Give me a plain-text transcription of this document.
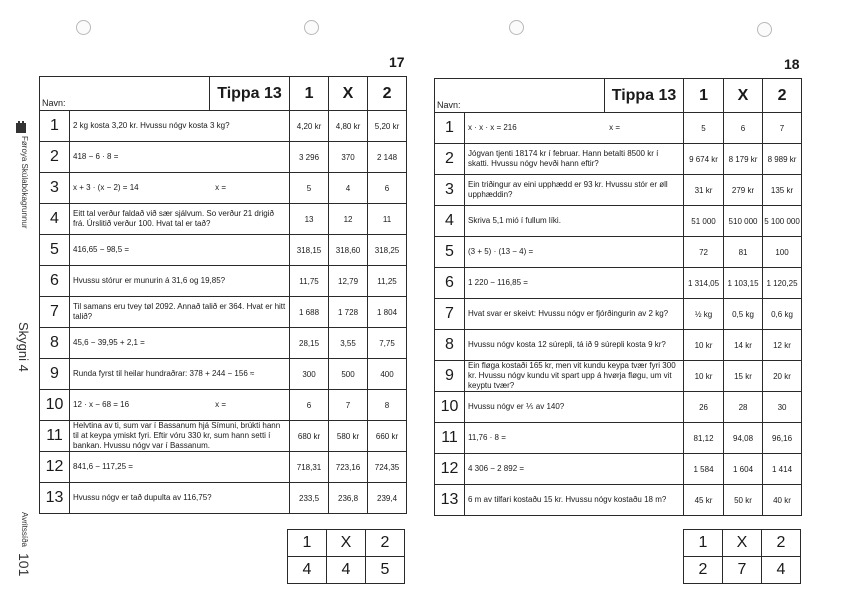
Føroya Skúlabókagrunnur
Skygni 4
Avritssíða
101
17	18
Navn:		Tippa 13	1	X	2
1	2 kg kosta 3,20 kr. Hvussu nógv kosta 3 kg?		4,20 kr	4,80 kr	5,20 kr
2	418 − 6 · 8 =		3 296	370	2 148
3	x + 3 · (x − 2) = 14 x =		5	4	6
4	Eitt tal verður faldað við sær sjálvum. So verður 21 drigið frá. Úrslitið verður 100. Hvat tal er tað?		13	12	11
5	416,65 − 98,5 =		318,15	318,60	318,25
6	Hvussu stórur er munurin á 31,6 og 19,85?		11,75	12,79	11,25
7	Til samans eru tvey tøl 2092. Annað talið er 364. Hvat er hitt talið?		1 688	1 728	1 804
8	45,6 − 39,95 + 2,1 =		28,15	3,55	7,75
9	Runda fyrst til heilar hundraðrar: 378 + 244 − 156 ≈		300	500	400
10	12 · x − 68 = 16 x =		6	7	8
11	Helvtina av ti, sum var í Bassanum hjá Símuni, brúkti hann til at keypa ymiskt fyri. Eftir vóru 330 kr, sum hann setti í bankan. Hvussu nógv var í Bassanum.		680 kr	580 kr	660 kr
12	841,6 − 117,25 =		718,31	723,16	724,35
13	Hvussu nógv er tað dupulta av 116,75?		233,5	236,8	239,4
1	X	2
4	4	5
Navn:		Tippa 13	1	X	2
1	x · x · x = 216 x =		5	6	7
2	Jógvan tjenti 18174 kr í februar. Hann betalti 8500 kr í skatti. Hvussu nógv hevði hann eftir?		9 674 kr	8 179 kr	8 989 kr
3	Ein triðingur av eini upphædd er 93 kr. Hvussu stór er øll upphæddin?		31 kr	279 kr	135 kr
4	Skriva 5,1 mió í fullum líki.		51 000	510 000	5 100 000
5	(3 + 5) · (13 − 4) =		72	81	100
6	1 220 − 116,85 =		1 314,05	1 103,15	1 120,25
7	Hvat svar er skeivt: Hvussu nógv er fjórðingurin av 2 kg?		½ kg	0,5 kg	0,6 kg
8	Hvussu nógv kosta 12 súrepli, tá ið 9 súrepli kosta 9 kr?		10 kr	14 kr	12 kr
9	Ein fløga kostaði 165 kr, men vit kundu keypa tvær fyri 300 kr. Hvussu nógv kundu vit spart upp á hvørja fløgu, um vit keyptu tvær?		10 kr	15 kr	20 kr
10	Hvussu nógv er ⅕ av 140?		26	28	30
11	11,76 · 8 =		81,12	94,08	96,16
12	4 306 − 2 892 =		1 584	1 604	1 414
13	6 m av tilfari kostaðu 15 kr. Hvussu nógv kostaðu 18 m?		45 kr	50 kr	40 kr
1	X	2
2	7	4
